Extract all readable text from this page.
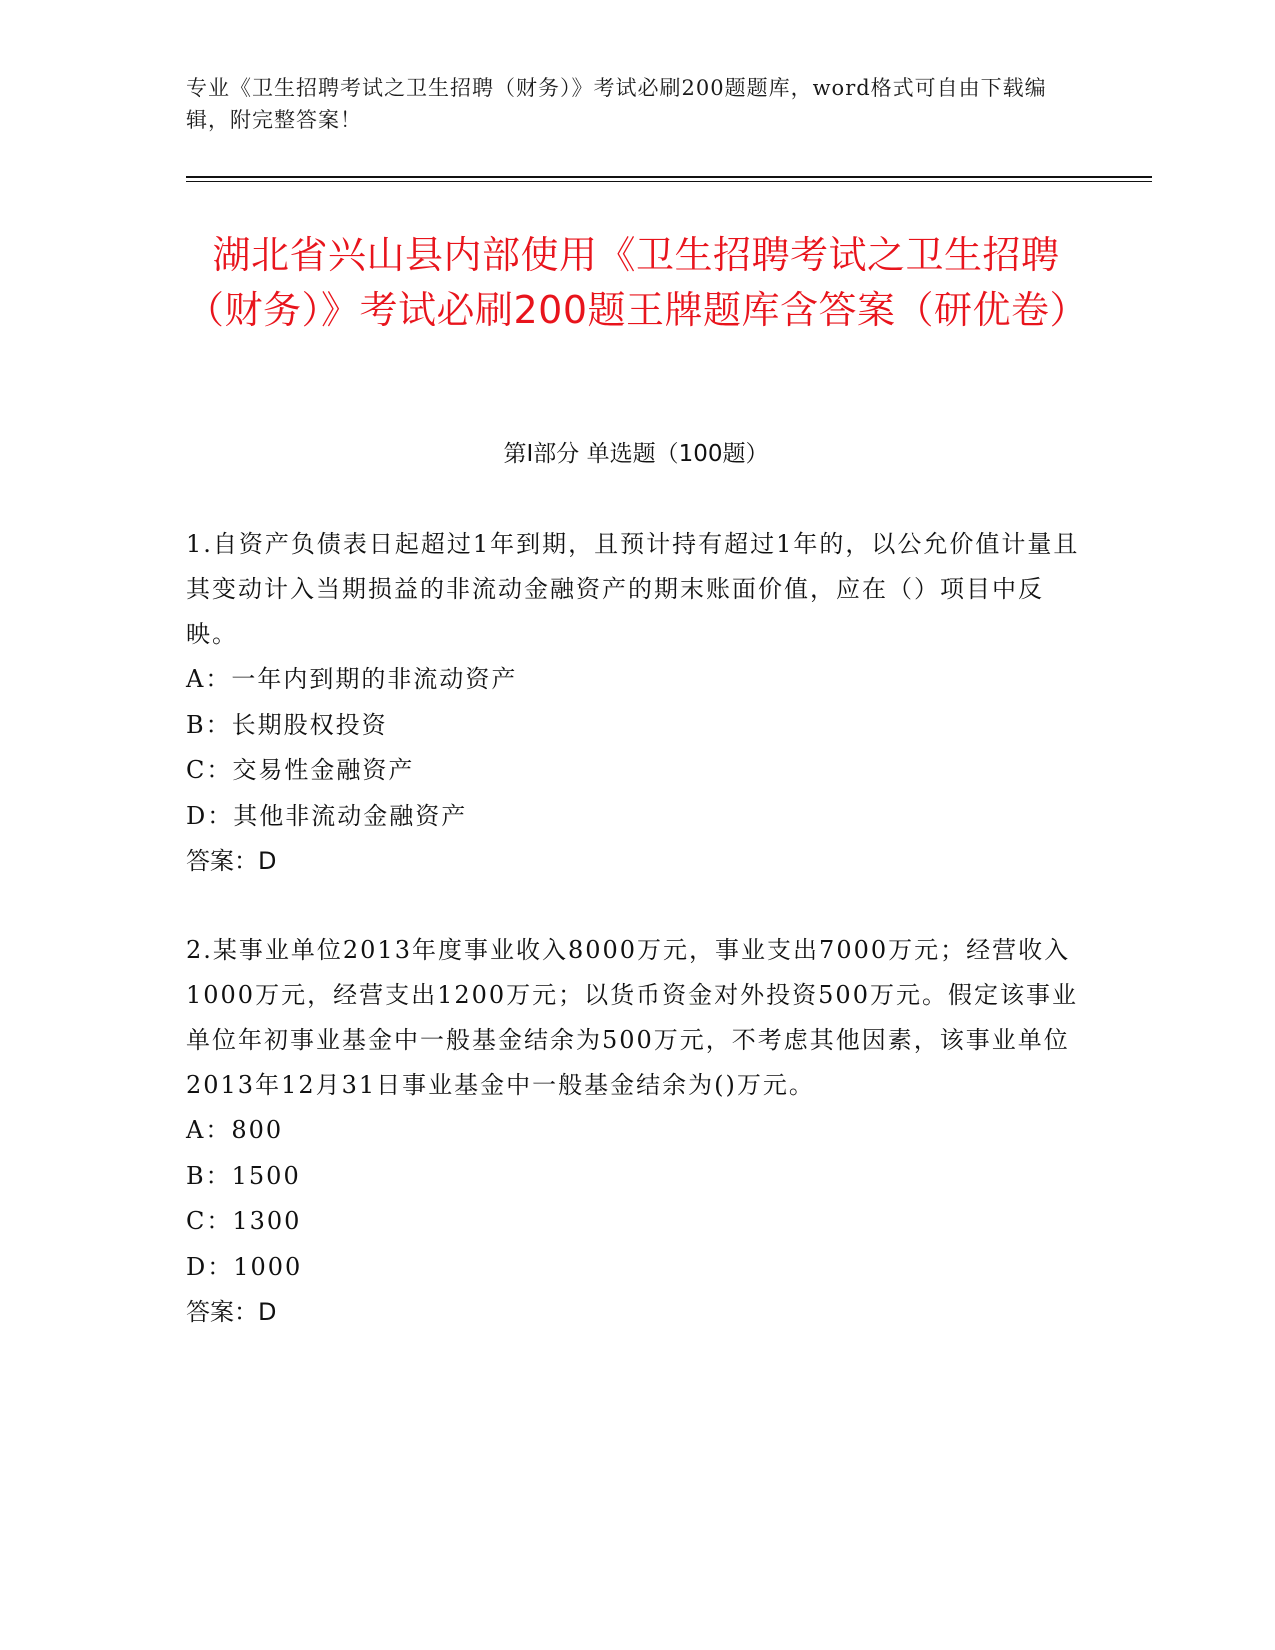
专业《卫生招聘考试之卫生招聘（财务）》考试必刷200题题库，word格式可自由下载编辑，附完整答案！
湖北省兴山县内部使用《卫生招聘考试之卫生招聘（财务）》考试必刷200题王牌题库含答案（研优卷）
第Ⅰ部分 单选题（100题）

1.自资产负债表日起超过1年到期，且预计持有超过1年的，以公允价值计量且其变动计入当期损益的非流动金融资产的期末账面价值，应在（）项目中反映。

A：一年内到期的非流动资产

B：长期股权投资

C：交易性金融资产

D：其他非流动金融资产

答案：D

2.某事业单位2013年度事业收入8000万元，事业支出7000万元；经营收入1000万元，经营支出1200万元；以货币资金对外投资500万元。假定该事业单位年初事业基金中一般基金结余为500万元，不考虑其他因素，该事业单位2013年12月31日事业基金中一般基金结余为()万元。

A：800

B：1500

C：1300

D：1000

答案：D
